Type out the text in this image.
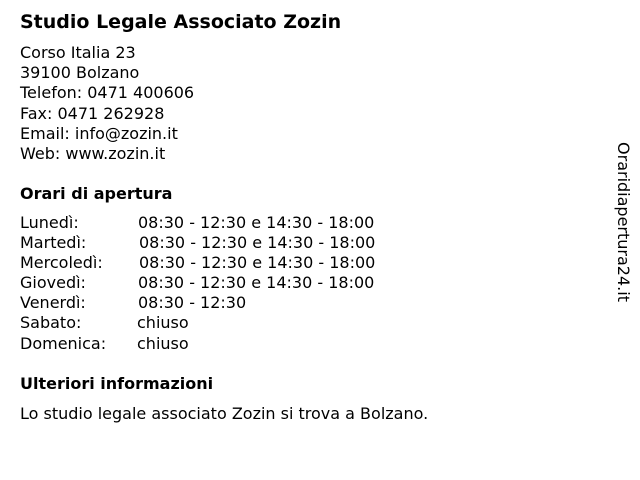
Studio Legale Associato Zozin
Corso Italia 23
39100 Bolzano
Telefon: 0471 400606
Fax: 0471 262928
Email: info@zozin.it
Web: www.zozin.it
Orari di apertura
Lunedì:	08:30 - 12:30 e 14:30 - 18:00
Martedì:	08:30 - 12:30 e 14:30 - 18:00
Mercoledì: 08:30 - 12:30 e 14:30 - 18:00
Giovedì:	08:30 - 12:30 e 14:30 - 18:00
Venerdì:	08:30 - 12:30
Sabato:	chiuso
Domenica: chiuso
Ulteriori informazioni
Lo studio legale associato Zozin si trova a Bolzano.
Oraridiapertura24.it
